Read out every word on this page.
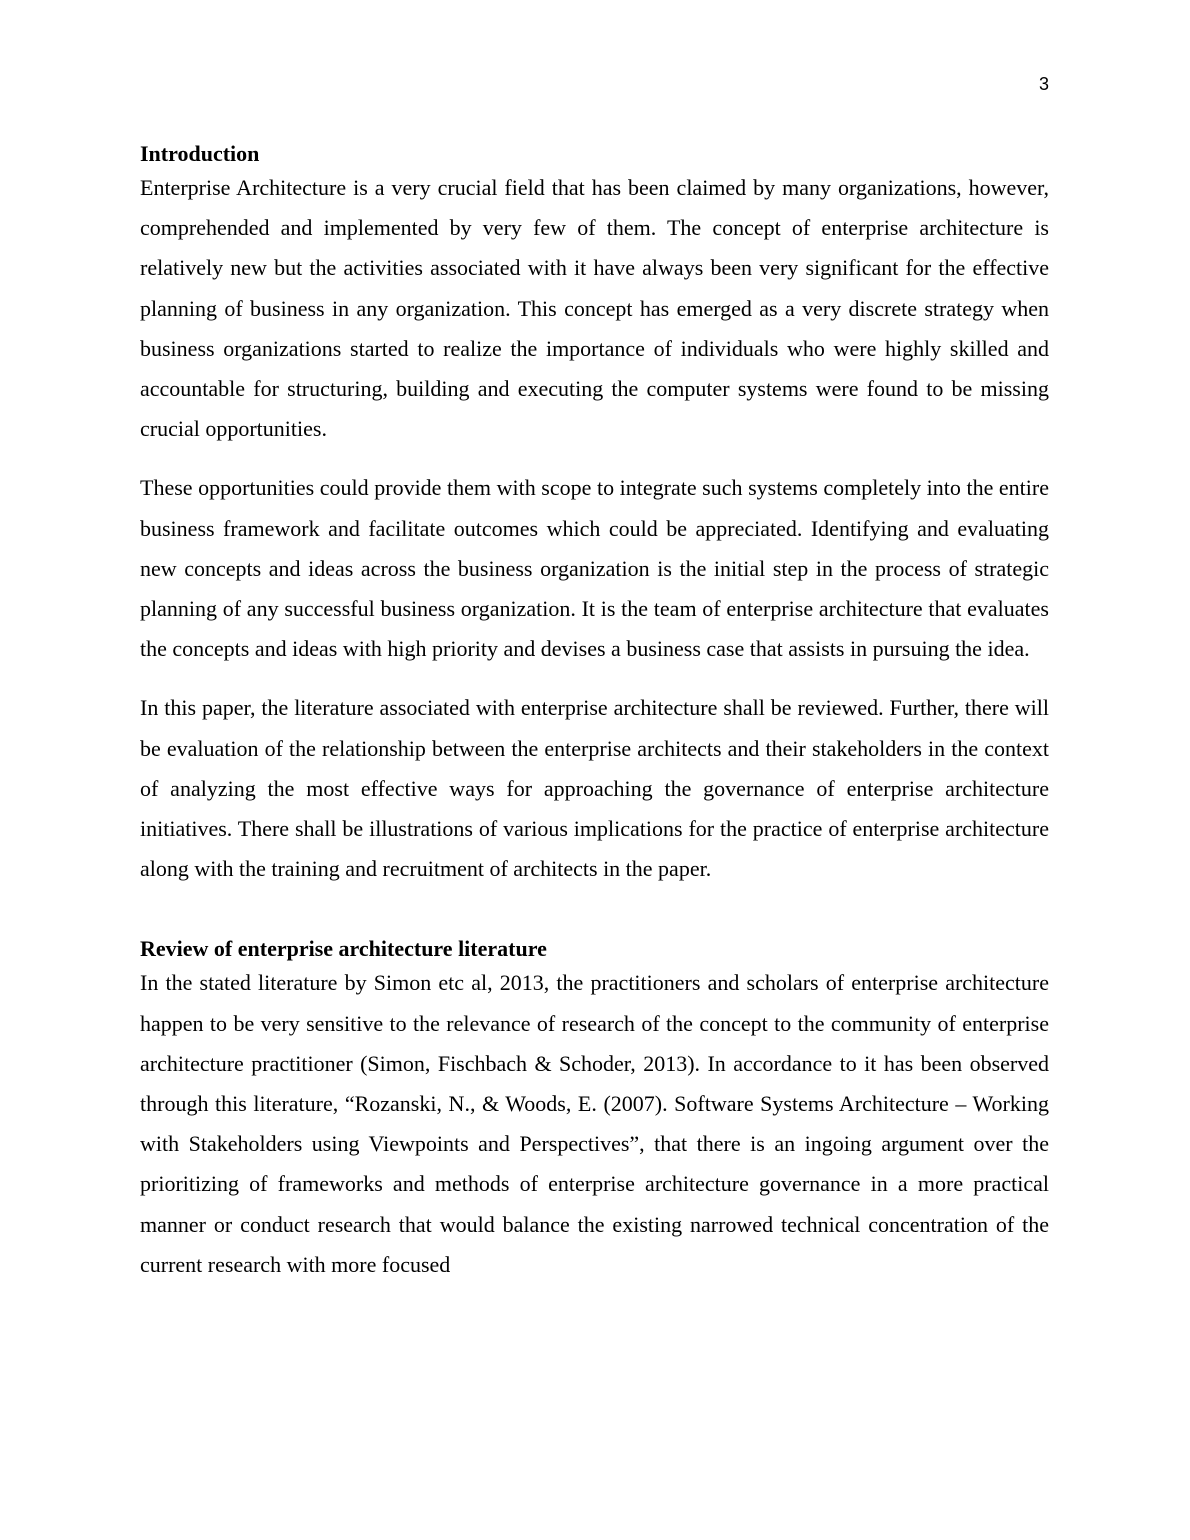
3
Introduction

Enterprise Architecture is a very crucial field that has been claimed by many organizations, however, comprehended and implemented by very few of them. The concept of enterprise architecture is relatively new but the activities associated with it have always been very significant for the effective planning of business in any organization. This concept has emerged as a very discrete strategy when business organizations started to realize the importance of individuals who were highly skilled and accountable for structuring, building and executing the computer systems were found to be missing crucial opportunities.

These opportunities could provide them with scope to integrate such systems completely into the entire business framework and facilitate outcomes which could be appreciated. Identifying and evaluating new concepts and ideas across the business organization is the initial step in the process of strategic planning of any successful business organization. It is the team of enterprise architecture that evaluates the concepts and ideas with high priority and devises a business case that assists in pursuing the idea.

In this paper, the literature associated with enterprise architecture shall be reviewed. Further, there will be evaluation of the relationship between the enterprise architects and their stakeholders in the context of analyzing the most effective ways for approaching the governance of enterprise architecture initiatives. There shall be illustrations of various implications for the practice of enterprise architecture along with the training and recruitment of architects in the paper.

Review of enterprise architecture literature

In the stated literature by Simon etc al, 2013, the practitioners and scholars of enterprise architecture happen to be very sensitive to the relevance of research of the concept to the community of enterprise architecture practitioner (Simon, Fischbach & Schoder, 2013). In accordance to it has been observed through this literature, “Rozanski, N., & Woods, E. (2007). Software Systems Architecture – Working with Stakeholders using Viewpoints and Perspectives”, that there is an ingoing argument over the prioritizing of frameworks and methods of enterprise architecture governance in a more practical manner or conduct research that would balance the existing narrowed technical concentration of the current research with more focused
